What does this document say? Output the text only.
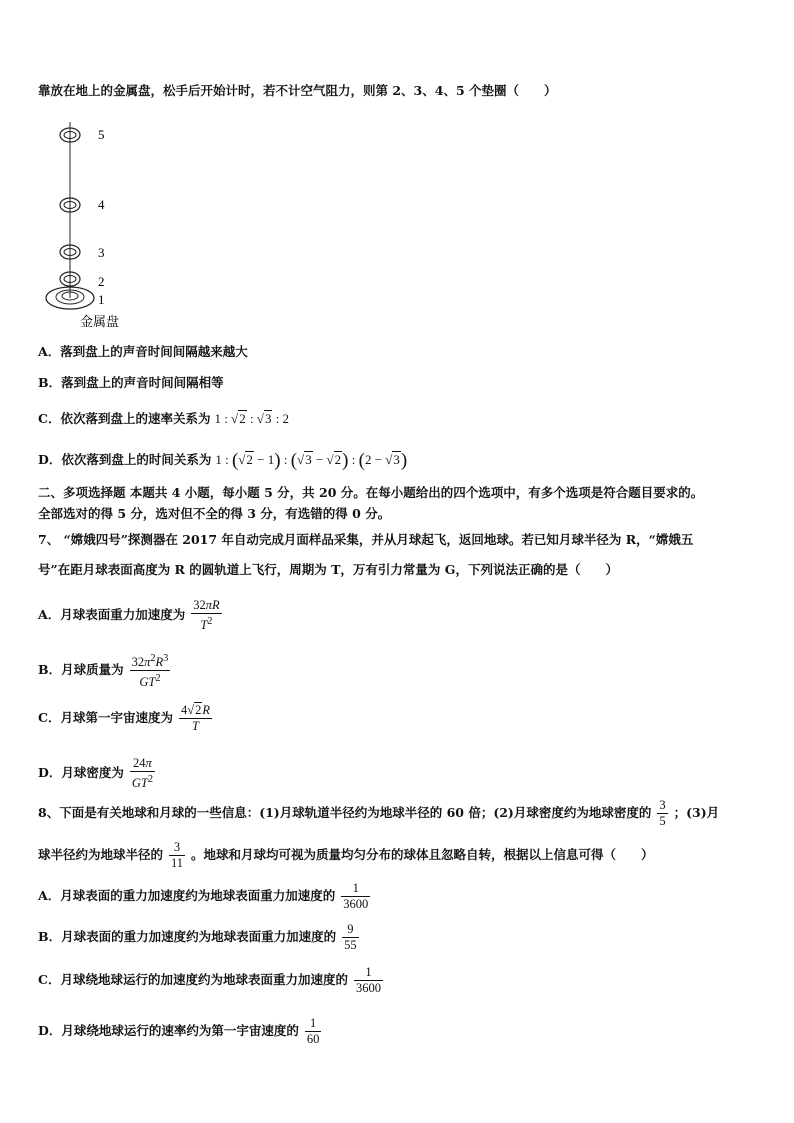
靠放在地上的金属盘，松手后开始计时，若不计空气阻力，则第 2、3、4、5 个垫圈（　　）
5
4
3
2
1
金属盘
A．落到盘上的声音时间间隔越来越大
B．落到盘上的声音时间间隔相等
C．依次落到盘上的速率关系为 1 : √2 : √3 : 2
D．依次落到盘上的时间关系为 1 : (√2 − 1) : (√3 − √2) : (2 − √3)
二、多项选择题 本题共 4 小题，每小题 5 分，共 20 分。在每小题给出的四个选项中，有多个选项是符合题目要求的。
全部选对的得 5 分，选对但不全的得 3 分，有选错的得 0 分。
7、 “嫦娥四号”探测器在 2017 年自动完成月面样品采集，并从月球起飞，返回地球。若已知月球半径为 R，“嫦娥五
号”在距月球表面高度为 R 的圆轨道上飞行，周期为 T，万有引力常量为 G，下列说法正确的是（　　）
A．月球表面重力加速度为 $\frac{32\pi R}{T^2}$
B．月球质量为 $\frac{32\pi^2R^3}{GT^2}$
C．月球第一宇宙速度为 $\frac{4√2R}{T}$
D．月球密度为 $\frac{24\pi}{GT^2}$
8、下面是有关地球和月球的一些信息：(1)月球轨道半径约为地球半径的 60 倍；(2)月球密度约为地球密度的 $\frac{3}{5}$ ；(3)月
球半径约为地球半径的 $\frac{3}{11}$ 。地球和月球均可视为质量均匀分布的球体且忽略自转，根据以上信息可得（　　）
A．月球表面的重力加速度约为地球表面重力加速度的 $\frac{1}{3600}$
B．月球表面的重力加速度约为地球表面重力加速度的 $\frac{9}{55}$
C．月球绕地球运行的加速度约为地球表面重力加速度的 $\frac{1}{3600}$
D．月球绕地球运行的速率约为第一宇宙速度的 $\frac{1}{60}$
